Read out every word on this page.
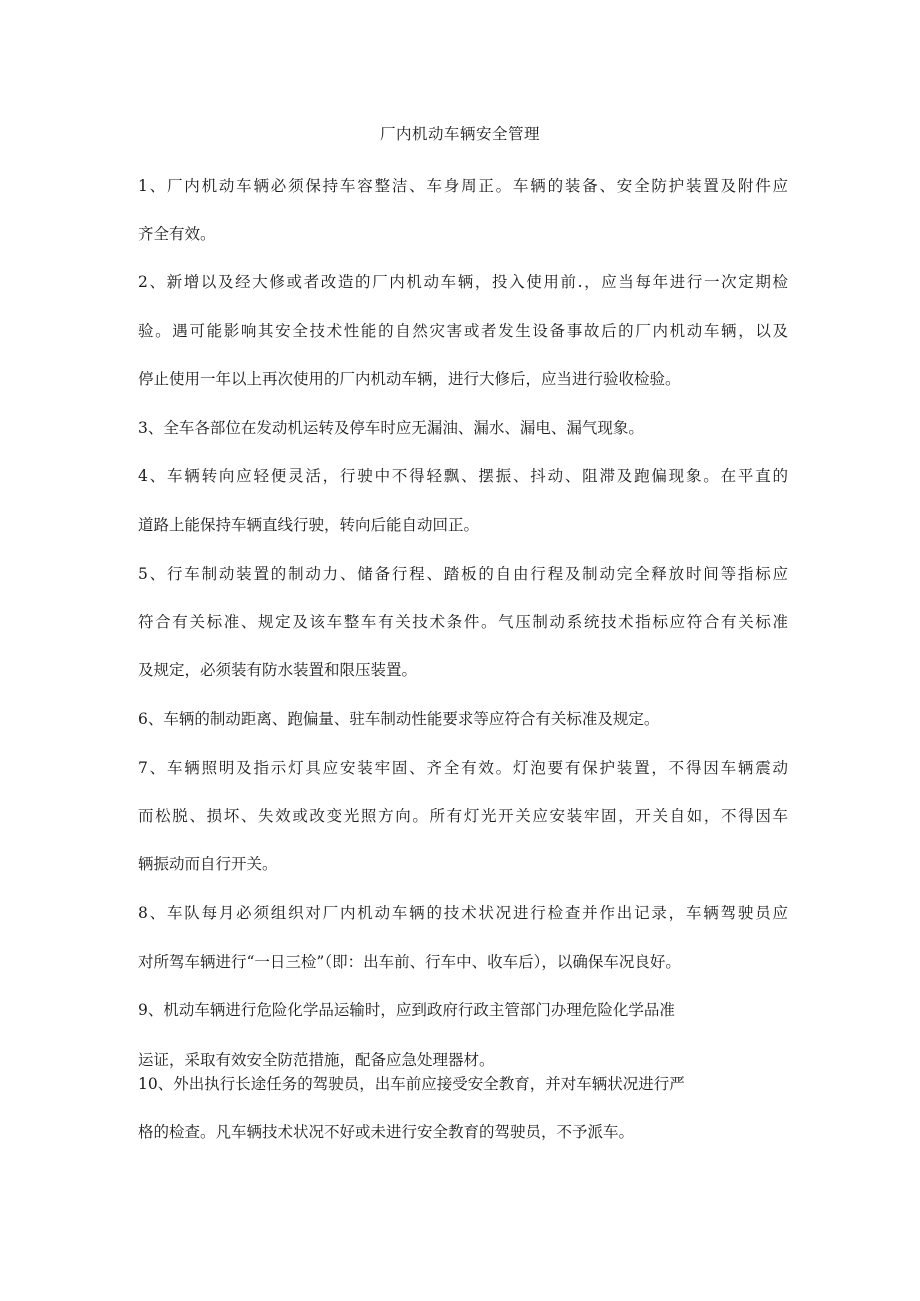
厂内机动车辆安全管理
1、厂内机动车辆必须保持车容整洁、车身周正。车辆的装备、安全防护装置及附件应
齐全有效。
2、新增以及经大修或者改造的厂内机动车辆，投入使用前.，应当每年进行一次定期检
验。遇可能影响其安全技术性能的自然灾害或者发生设备事故后的厂内机动车辆，以及
停止使用一年以上再次使用的厂内机动车辆，进行大修后，应当进行验收检验。
3、全车各部位在发动机运转及停车时应无漏油、漏水、漏电、漏气现象。
4、车辆转向应轻便灵活，行驶中不得轻飘、摆振、抖动、阻滞及跑偏现象。在平直的
道路上能保持车辆直线行驶，转向后能自动回正。
5、行车制动装置的制动力、储备行程、踏板的自由行程及制动完全释放时间等指标应
符合有关标准、规定及该车整车有关技术条件。气压制动系统技术指标应符合有关标准
及规定，必须装有防水装置和限压装置。
6、车辆的制动距离、跑偏量、驻车制动性能要求等应符合有关标准及规定。
7、车辆照明及指示灯具应安装牢固、齐全有效。灯泡要有保护装置，不得因车辆震动
而松脱、损坏、失效或改变光照方向。所有灯光开关应安装牢固，开关自如，不得因车
辆振动而自行开关。
8、车队每月必须组织对厂内机动车辆的技术状况进行检查并作出记录，车辆驾驶员应
对所驾车辆进行“一日三检”（即：出车前、行车中、收车后），以确保车况良好。
9、机动车辆进行危险化学品运输时，应到政府行政主管部门办理危险化学品准
运证，采取有效安全防范措施，配备应急处理器材。
10、外出执行长途任务的驾驶员，出车前应接受安全教育，并对车辆状况进行严
格的检查。凡车辆技术状况不好或未进行安全教育的驾驶员，不予派车。
